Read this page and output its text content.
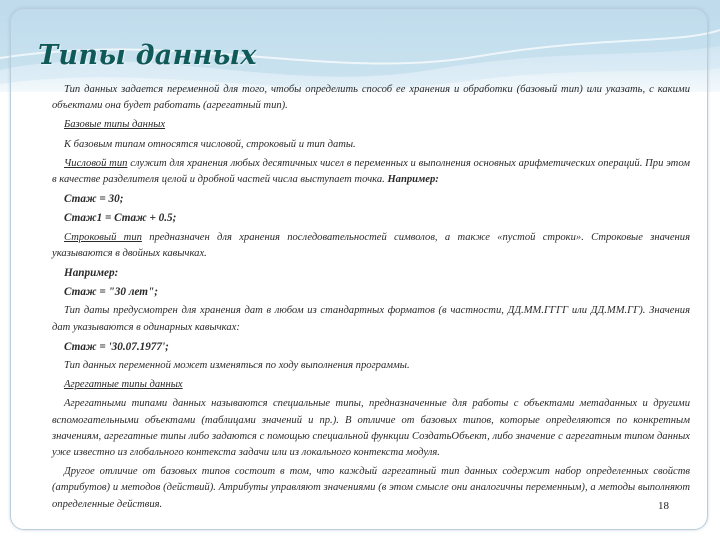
Типы данных

Тип данных задается переменной для того, чтобы определить способ ее хранения и обработки (базовый тип) или указать, с какими объектами она будет работать (агрегатный тип).

Базовые типы данных

К базовым типам относятся числовой, строковый и тип даты.

Числовой тип служит для хранения любых десятичных чисел в переменных и выполнения основных арифметических операций. При этом в качестве разделителя целой и дробной частей числа выступает точка. Например:

Стаж = 30;

Стаж1 = Стаж + 0.5;

Строковый тип предназначен для хранения последовательностей символов, а также «пустой строки». Строковые значения указываются в двойных кавычках.

Например:

Стаж = "30 лет";

Тип даты предусмотрен для хранения дат в любом из стандартных форматов (в частности, ДД.ММ.ГГГГ или ДД.ММ.ГГ). Значения дат указываются в одинарных кавычках:

Стаж = '30.07.1977';

Тип данных переменной может изменяться по ходу выполнения программы.

Агрегатные типы данных

Агрегатными типами данных называются специальные типы, предназначенные для работы с объектами метаданных и другими вспомогательными объектами (таблицами значений и пр.). В отличие от базовых типов, которые определяются по конкретным значениям, агрегатные типы либо задаются с помощью специальной функции СоздатьОбъект, либо значение с агрегатным типом данных уже известно из глобального контекста задачи или из локального контекста модуля.

Другое отличие от базовых типов состоит в том, что каждый агрегатный тип данных содержит набор определенных свойств (атрибутов) и методов (действий). Атрибуты управляют значениями (в этом смысле они аналогичны переменным), а методы выполняют определенные действия.	18
